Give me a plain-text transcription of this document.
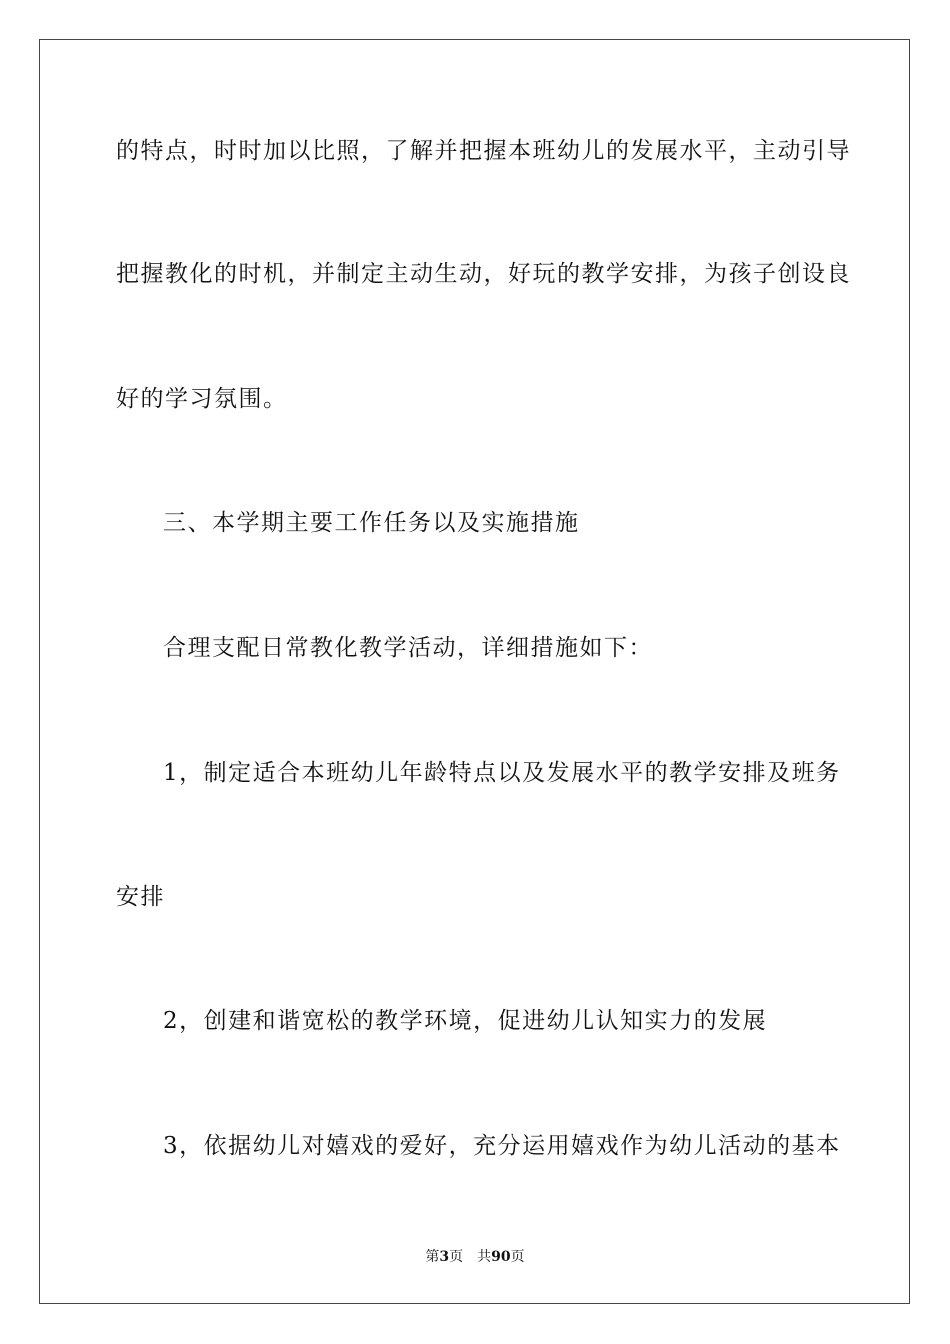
的特点，时时加以比照，了解并把握本班幼儿的发展水平，主动引导
把握教化的时机，并制定主动生动，好玩的教学安排，为孩子创设良
好的学习氛围。
三、本学期主要工作任务以及实施措施
合理支配日常教化教学活动，详细措施如下：
1，制定适合本班幼儿年龄特点以及发展水平的教学安排及班务
安排
2，创建和谐宽松的教学环境，促进幼儿认知实力的发展
3，依据幼儿对嬉戏的爱好，充分运用嬉戏作为幼儿活动的基本
第3页　共90页
